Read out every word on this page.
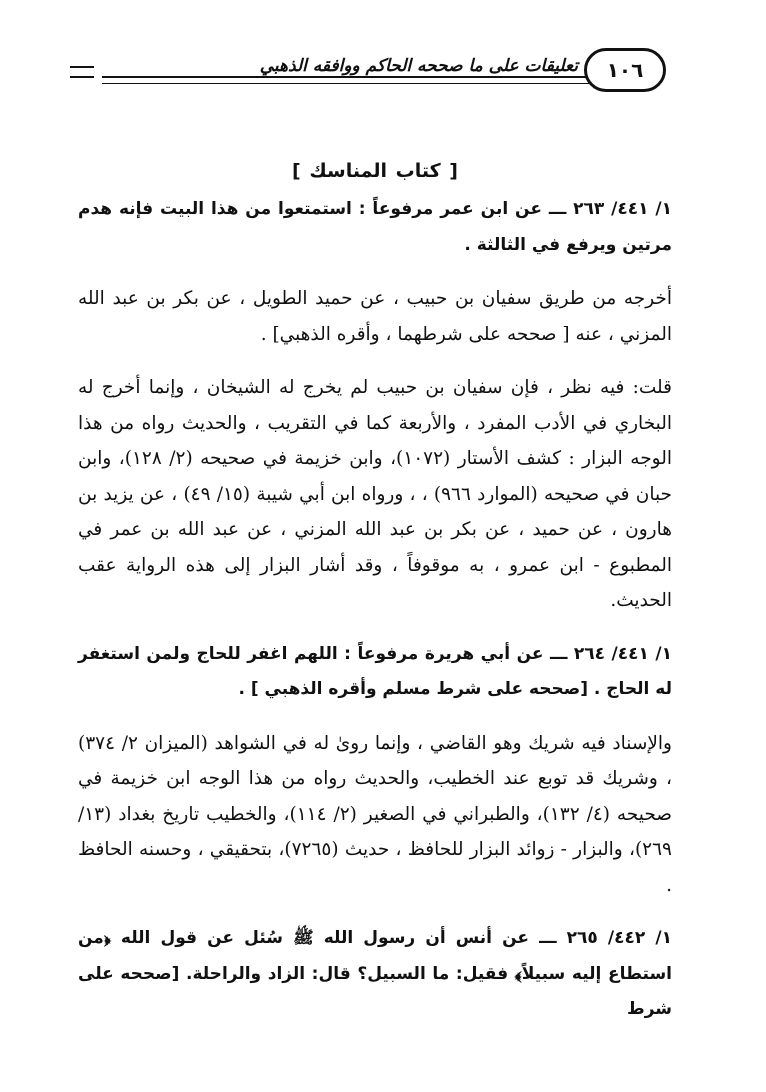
تعليقات على ما صححه الحاكم ووافقه الذهبي	١٠٦
[ كتاب المناسك ]

١/ ٤٤١/ ٢٦٣ ـــ عن ابن عمر مرفوعاً : استمتعوا من هذا البيت فإنه هدم مرتين ويرفع في الثالثة .

أخرجه من طريق سفيان بن حبيب ، عن حميد الطويل ، عن بكر بن عبد الله المزني ، عنه [ صححه على شرطهما ، وأقره الذهبي] .

قلت: فيه نظر ، فإن سفيان بن حبيب لم يخرج له الشيخان ، وإنما أخرج له البخاري في الأدب المفرد ، والأربعة كما في التقريب ، والحديث رواه من هذا الوجه البزار : كشف الأستار (١٠٧٢)، وابن خزيمة في صحيحه (٢/ ١٢٨)، وابن حبان في صحيحه (الموارد ٩٦٦) ، ، ورواه ابن أبي شيبة (١٥/ ٤٩) ، عن يزيد بن هارون ، عن حميد ، عن بكر بن عبد الله المزني ، عن عبد الله بن عمر في المطبوع - ابن عمرو ، به موقوفاً ، وقد أشار البزار إلى هذه الرواية عقب الحديث.

١/ ٤٤١/ ٢٦٤ ـــ عن أبي هريرة مرفوعاً : اللهم اغفر للحاج ولمن استغفر له الحاج . [صححه على شرط مسلم وأقره الذهبي ] .

والإسناد فيه شريك وهو القاضي ، وإنما روىٰ له في الشواهد (الميزان ٢/ ٣٧٤) ، وشريك قد توبع عند الخطيب، والحديث رواه من هذا الوجه ابن خزيمة في صحيحه (٤/ ١٣٢)، والطبراني في الصغير (٢/ ١١٤)، والخطيب تاريخ بغداد (١٣/ ٢٦٩)، والبزار - زوائد البزار للحافظ ، حديث (٧٢٦٥)، بتحقيقي ، وحسنه الحافظ .

١/ ٤٤٢/ ٢٦٥ ـــ عن أنس أن رسول الله ﷺ سُئل عن قول الله ﴿من استطاع إليه سبيلاً﴾ فقيل: ما السبيل؟ قال: الزاد والراحلة. [صححه على شرط
